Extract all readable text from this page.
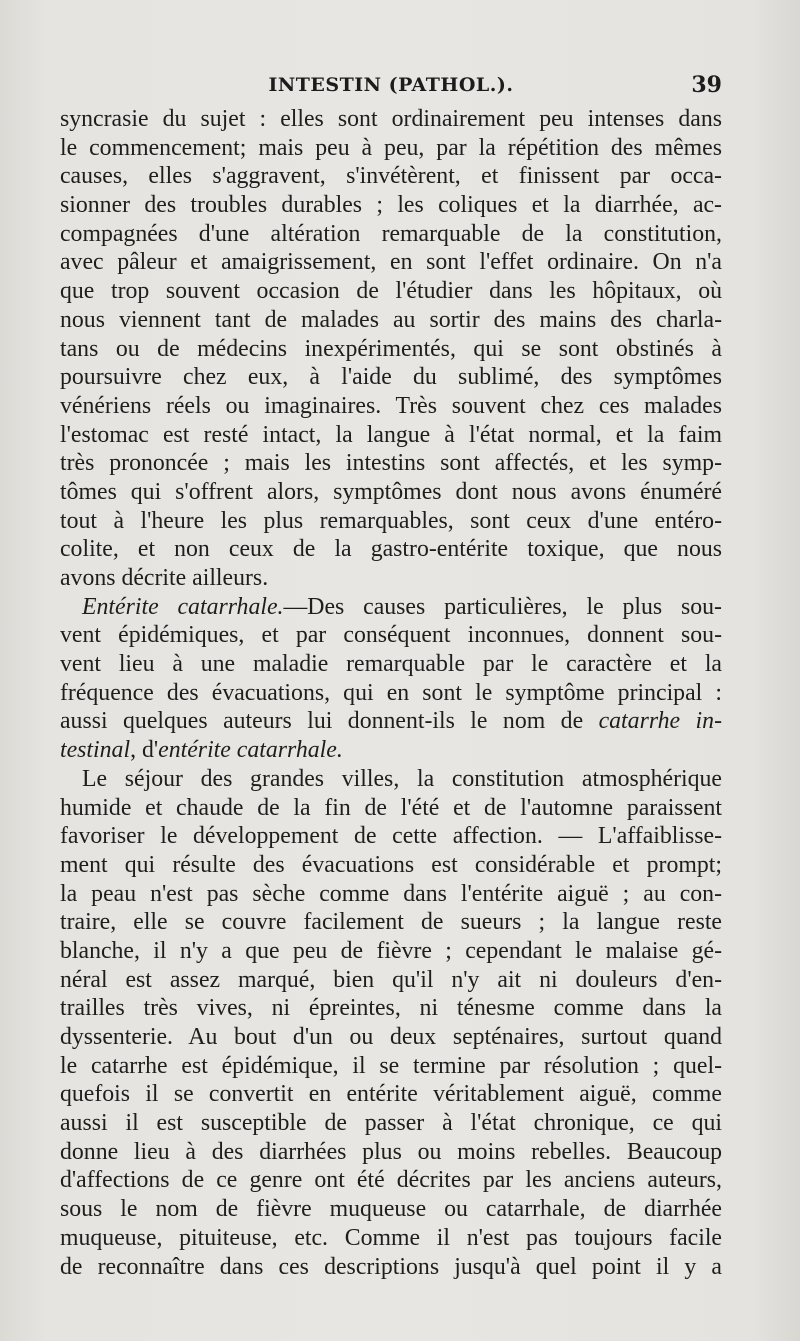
INTESTIN (PATHOL.).	39
syncrasie du sujet : elles sont ordinairement peu intenses dans
le commencement; mais peu à peu, par la répétition des mêmes
causes, elles s'aggravent, s'invétèrent, et finissent par occa-
sionner des troubles durables ; les coliques et la diarrhée, ac-
compagnées d'une altération remarquable de la constitution,
avec pâleur et amaigrissement, en sont l'effet ordinaire. On n'a
que trop souvent occasion de l'étudier dans les hôpitaux, où
nous viennent tant de malades au sortir des mains des charla-
tans ou de médecins inexpérimentés, qui se sont obstinés à
poursuivre chez eux, à l'aide du sublimé, des symptômes
vénériens réels ou imaginaires. Très souvent chez ces malades
l'estomac est resté intact, la langue à l'état normal, et la faim
très prononcée ; mais les intestins sont affectés, et les symp-
tômes qui s'offrent alors, symptômes dont nous avons énuméré
tout à l'heure les plus remarquables, sont ceux d'une entéro-
colite, et non ceux de la gastro-entérite toxique, que nous
avons décrite ailleurs.
Entérite catarrhale.—Des causes particulières, le plus sou-
vent épidémiques, et par conséquent inconnues, donnent sou-
vent lieu à une maladie remarquable par le caractère et la
fréquence des évacuations, qui en sont le symptôme principal :
aussi quelques auteurs lui donnent-ils le nom de catarrhe in-
testinal, d'entérite catarrhale.
Le séjour des grandes villes, la constitution atmosphérique
humide et chaude de la fin de l'été et de l'automne paraissent
favoriser le développement de cette affection. — L'affaiblisse-
ment qui résulte des évacuations est considérable et prompt;
la peau n'est pas sèche comme dans l'entérite aiguë ; au con-
traire, elle se couvre facilement de sueurs ; la langue reste
blanche, il n'y a que peu de fièvre ; cependant le malaise gé-
néral est assez marqué, bien qu'il n'y ait ni douleurs d'en-
trailles très vives, ni épreintes, ni ténesme comme dans la
dyssenterie. Au bout d'un ou deux septénaires, surtout quand
le catarrhe est épidémique, il se termine par résolution ; quel-
quefois il se convertit en entérite véritablement aiguë, comme
aussi il est susceptible de passer à l'état chronique, ce qui
donne lieu à des diarrhées plus ou moins rebelles. Beaucoup
d'affections de ce genre ont été décrites par les anciens auteurs,
sous le nom de fièvre muqueuse ou catarrhale, de diarrhée
muqueuse, pituiteuse, etc. Comme il n'est pas toujours facile
de reconnaître dans ces descriptions jusqu'à quel point il y a
